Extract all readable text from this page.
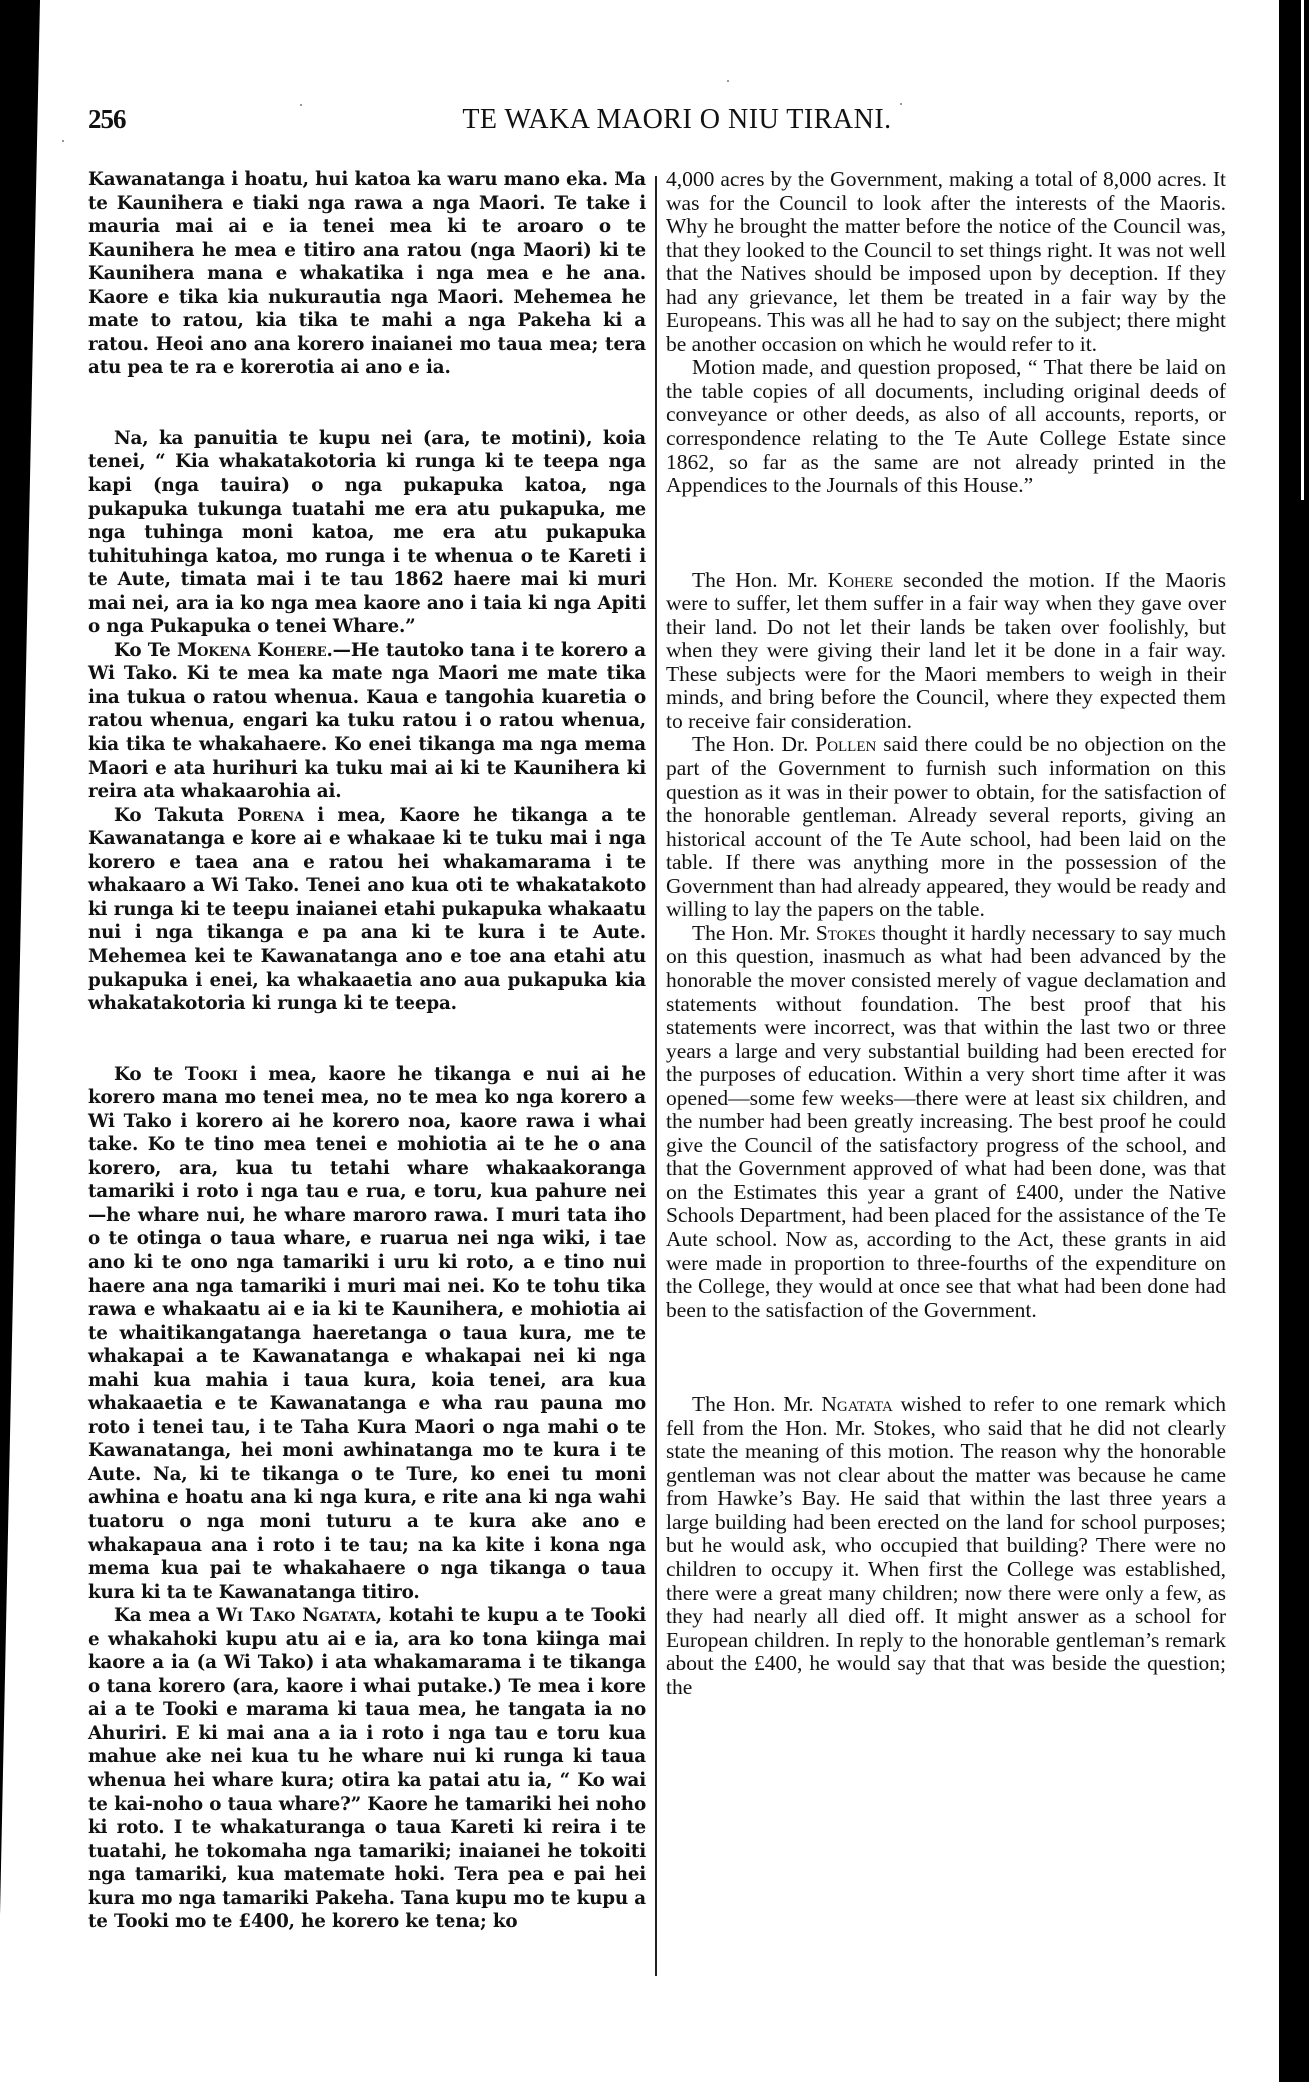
256	TE WAKA MAORI O NIU TIRANI.

Kawanatanga i hoatu, hui katoa ka waru mano eka. Ma te Kaunihera e tiaki nga rawa a nga Maori. Te take i mauria mai ai e ia tenei mea ki te aroaro o te Kaunihera he mea e titiro ana ratou (nga Maori) ki te Kaunihera mana e whakatika i nga mea e he ana. Kaore e tika kia nukurautia nga Maori. Mehemea he mate to ratou, kia tika te mahi a nga Pakeha ki a ratou. Heoi ano ana korero inaianei mo taua mea; tera atu pea te ra e korerotia ai ano e ia.

Na, ka panuitia te kupu nei (ara, te motini), koia tenei, “ Kia whakatakotoria ki runga ki te teepa nga kapi (nga tauira) o nga pukapuka katoa, nga pukapuka tukunga tuatahi me era atu pukapuka, me nga tuhinga moni katoa, me era atu pukapuka tuhituhinga katoa, mo runga i te whenua o te Kareti i te Aute, timata mai i te tau 1862 haere mai ki muri mai nei, ara ia ko nga mea kaore ano i taia ki nga Apiti o nga Pukapuka o tenei Whare.”

Ko Te Mokena Kohere.—He tautoko tana i te korero a Wi Tako. Ki te mea ka mate nga Maori me mate tika ina tukua o ratou whenua. Kaua e tangohia kuaretia o ratou whenua, engari ka tuku ratou i o ratou whenua, kia tika te whakahaere. Ko enei tikanga ma nga mema Maori e ata hurihuri ka tuku mai ai ki te Kaunihera ki reira ata whakaarohia ai.

Ko Takuta Porena i mea, Kaore he tikanga a te Kawanatanga e kore ai e whakaae ki te tuku mai i nga korero e taea ana e ratou hei whakamarama i te whakaaro a Wi Tako. Tenei ano kua oti te whakatakoto ki runga ki te teepu inaianei etahi pukapuka whakaatu nui i nga tikanga e pa ana ki te kura i te Aute. Mehemea kei te Kawanatanga ano e toe ana etahi atu pukapuka i enei, ka whakaaetia ano aua pukapuka kia whakatakotoria ki runga ki te teepa.

Ko te Tooki i mea, kaore he tikanga e nui ai he korero mana mo tenei mea, no te mea ko nga korero a Wi Tako i korero ai he korero noa, kaore rawa i whai take. Ko te tino mea tenei e mohiotia ai te he o ana korero, ara, kua tu tetahi whare whakaakoranga tamariki i roto i nga tau e rua, e toru, kua pahure nei—he whare nui, he whare maroro rawa. I muri tata iho o te otinga o taua whare, e ruarua nei nga wiki, i tae ano ki te ono nga tamariki i uru ki roto, a e tino nui haere ana nga tamariki i muri mai nei. Ko te tohu tika rawa e whakaatu ai e ia ki te Kaunihera, e mohiotia ai te whaitikangatanga haeretanga o taua kura, me te whakapai a te Kawanatanga e whakapai nei ki nga mahi kua mahia i taua kura, koia tenei, ara kua whakaaetia e te Kawanatanga e wha rau pauna mo roto i tenei tau, i te Taha Kura Maori o nga mahi o te Kawanatanga, hei moni awhinatanga mo te kura i te Aute. Na, ki te tikanga o te Ture, ko enei tu moni awhina e hoatu ana ki nga kura, e rite ana ki nga wahi tuatoru o nga moni tuturu a te kura ake ano e whakapaua ana i roto i te tau; na ka kite i kona nga mema kua pai te whakahaere o nga tikanga o taua kura ki ta te Kawanatanga titiro.

Ka mea a Wi Tako Ngatata, kotahi te kupu a te Tooki e whakahoki kupu atu ai e ia, ara ko tona kiinga mai kaore a ia (a Wi Tako) i ata whakamarama i te tikanga o tana korero (ara, kaore i whai putake.) Te mea i kore ai a te Tooki e marama ki taua mea, he tangata ia no Ahuriri. E ki mai ana a ia i roto i nga tau e toru kua mahue ake nei kua tu he whare nui ki runga ki taua whenua hei whare kura; otira ka patai atu ia, “ Ko wai te kai-noho o taua whare?” Kaore he tamariki hei noho ki roto. I te whakaturanga o taua Kareti ki reira i te tuatahi, he tokomaha nga tamariki; inaianei he tokoiti nga tamariki, kua matemate hoki. Tera pea e pai hei kura mo nga tamariki Pakeha. Tana kupu mo te kupu a te Tooki mo te £400, he korero ke tena; ko

4,000 acres by the Government, making a total of 8,000 acres. It was for the Council to look after the interests of the Maoris. Why he brought the matter before the notice of the Council was, that they looked to the Council to set things right. It was not well that the Natives should be imposed upon by deception. If they had any grievance, let them be treated in a fair way by the Europeans. This was all he had to say on the subject; there might be another occasion on which he would refer to it.

Motion made, and question proposed, “ That there be laid on the table copies of all documents, including original deeds of conveyance or other deeds, as also of all accounts, reports, or correspondence relating to the Te Aute College Estate since 1862, so far as the same are not already printed in the Appendices to the Journals of this House.”

The Hon. Mr. Kohere seconded the motion. If the Maoris were to suffer, let them suffer in a fair way when they gave over their land. Do not let their lands be taken over foolishly, but when they were giving their land let it be done in a fair way. These subjects were for the Maori members to weigh in their minds, and bring before the Council, where they expected them to receive fair consideration.

The Hon. Dr. Pollen said there could be no objection on the part of the Government to furnish such information on this question as it was in their power to obtain, for the satisfaction of the honorable gentleman. Already several reports, giving an historical account of the Te Aute school, had been laid on the table. If there was anything more in the possession of the Government than had already appeared, they would be ready and willing to lay the papers on the table.

The Hon. Mr. Stokes thought it hardly necessary to say much on this question, inasmuch as what had been advanced by the honorable the mover consisted merely of vague declamation and statements without foundation. The best proof that his statements were incorrect, was that within the last two or three years a large and very substantial building had been erected for the purposes of education. Within a very short time after it was opened—some few weeks—there were at least six children, and the number had been greatly increasing. The best proof he could give the Council of the satisfactory progress of the school, and that the Government approved of what had been done, was that on the Estimates this year a grant of £400, under the Native Schools Department, had been placed for the assistance of the Te Aute school. Now as, according to the Act, these grants in aid were made in proportion to three-fourths of the expenditure on the College, they would at once see that what had been done had been to the satisfaction of the Government.

The Hon. Mr. Ngatata wished to refer to one remark which fell from the Hon. Mr. Stokes, who said that he did not clearly state the meaning of this motion. The reason why the honorable gentleman was not clear about the matter was because he came from Hawke’s Bay. He said that within the last three years a large building had been erected on the land for school purposes; but he would ask, who occupied that building? There were no children to occupy it. When first the College was established, there were a great many children; now there were only a few, as they had nearly all died off. It might answer as a school for European children. In reply to the honorable gentleman’s remark about the £400, he would say that that was beside the question; the
